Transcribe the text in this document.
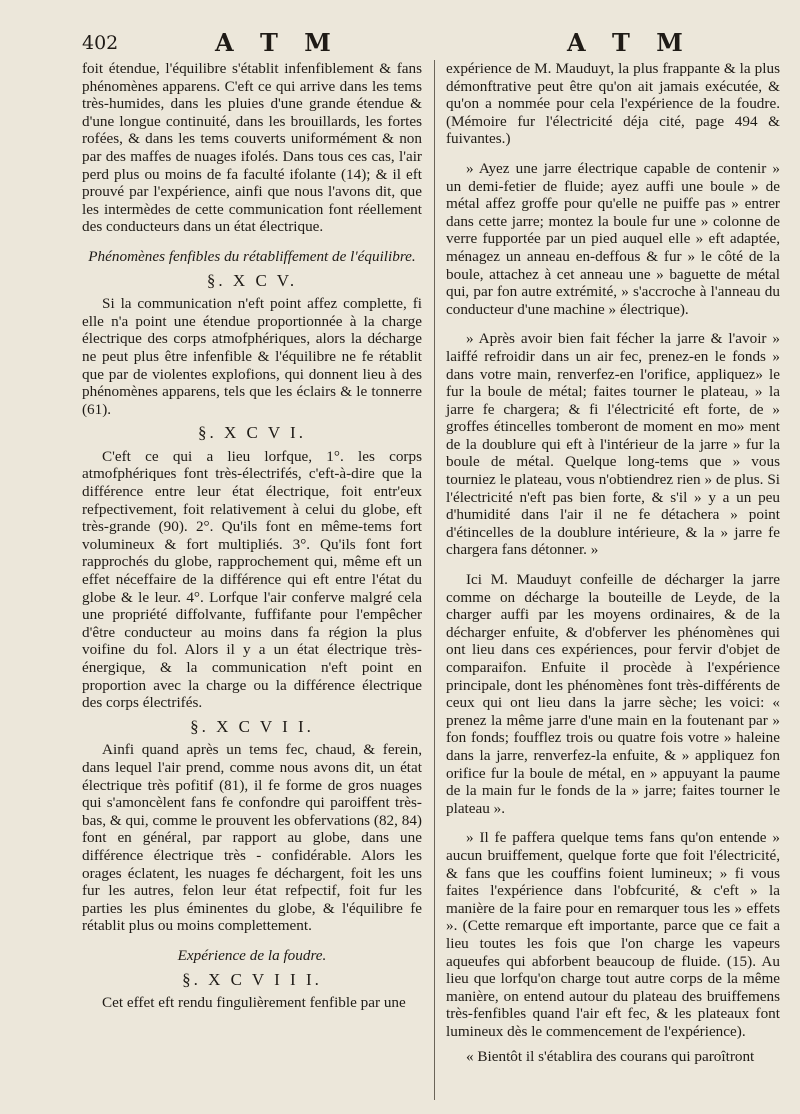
402	A T M	A T M

foit étendue, l'équilibre s'établit infenfiblement & fans phénomènes apparens. C'eft ce qui arrive dans les tems très-humides, dans les pluies d'une grande étendue & d'une longue continuité, dans les brouillards, les fortes rofées, & dans les tems couverts uniformément & non par des maffes de nuages ifolés. Dans tous ces cas, l'air perd plus ou moins de fa faculté ifolante (14); & il eft prouvé par l'expérience, ainfi que nous l'avons dit, que les intermèdes de cette communication font réellement des conducteurs dans un état électrique.

Phénomènes fenfibles du rétabliffement de l'équilibre.

§. X C V.

Si la communication n'eft point affez complette, fi elle n'a point une étendue proportionnée à la charge électrique des corps atmofphériques, alors la décharge ne peut plus être infenfible & l'équilibre ne fe rétablit que par de violentes explofions, qui donnent lieu à des phénomènes apparens, tels que les éclairs & le tonnerre (61).

§. X C V I.

C'eft ce qui a lieu lorfque, 1°. les corps atmofphériques font très-électrifés, c'eft-à-dire que la différence entre leur état électrique, foit entr'eux refpectivement, foit relativement à celui du globe, eft très-grande (90). 2°. Qu'ils font en même-tems fort volumineux & fort multipliés. 3°. Qu'ils font fort rapprochés du globe, rapprochement qui, même eft un effet néceffaire de la différence qui eft entre l'état du globe & le leur. 4°. Lorfque l'air conferve malgré cela une propriété diffolvante, fuffifante pour l'empêcher d'être conducteur au moins dans fa région la plus voifine du fol. Alors il y a un état électrique très-énergique, & la communication n'eft point en proportion avec la charge ou la différence électrique des corps électrifés.

§. X C V I I.

Ainfi quand après un tems fec, chaud, & ferein, dans lequel l'air prend, comme nous avons dit, un état électrique très pofitif (81), il fe forme de gros nuages qui s'amoncèlent fans fe confondre qui paroiffent très-bas, & qui, comme le prouvent les obfervations (82, 84) font en général, par rapport au globe, dans une différence électrique très - confidérable. Alors les orages éclatent, les nuages fe déchargent, foit les uns fur les autres, felon leur état refpectif, foit fur les parties les plus éminentes du globe, & l'équilibre fe rétablit plus ou moins complettement.

Expérience de la foudre.

§. X C V I I I.

Cet effet eft rendu fingulièrement fenfible par une

expérience de M. Mauduyt, la plus frappante & la plus démonftrative peut être qu'on ait jamais exécutée, & qu'on a nommée pour cela l'expérience de la foudre. (Mémoire fur l'électricité déja cité, page 494 & fuivantes.)

» Ayez une jarre électrique capable de contenir » un demi-fetier de fluide; ayez auffi une boule » de métal affez groffe pour qu'elle ne puiffe pas » entrer dans cette jarre; montez la boule fur une » colonne de verre fupportée par un pied auquel elle » eft adaptée, ménagez un anneau en-deffous & fur » le côté de la boule, attachez à cet anneau une » baguette de métal qui, par fon autre extrémité, » s'accroche à l'anneau du conducteur d'une machine » électrique).

» Après avoir bien fait fécher la jarre & l'avoir » laiffé refroidir dans un air fec, prenez-en le fonds » dans votre main, renverfez-en l'orifice, appliquez» le fur la boule de métal; faites tourner le plateau, » la jarre fe chargera; & fi l'électricité eft forte, de » groffes étincelles tomberont de moment en mo» ment de la doublure qui eft à l'intérieur de la jarre » fur la boule de métal. Quelque long-tems que » vous tourniez le plateau, vous n'obtiendrez rien » de plus. Si l'électricité n'eft pas bien forte, & s'il » y a un peu d'humidité dans l'air il ne fe détachera » point d'étincelles de la doublure intérieure, & la » jarre fe chargera fans détonner. »

Ici M. Mauduyt confeille de décharger la jarre comme on décharge la bouteille de Leyde, de la charger auffi par les moyens ordinaires, & de la décharger enfuite, & d'obferver les phénomènes qui ont lieu dans ces expériences, pour fervir d'objet de comparaifon. Enfuite il procède à l'expérience principale, dont les phénomènes font très-différents de ceux qui ont lieu dans la jarre sèche; les voici: « prenez la même jarre d'une main en la foutenant par » fon fonds; foufflez trois ou quatre fois votre » haleine dans la jarre, renverfez-la enfuite, & » appliquez fon orifice fur la boule de métal, en » appuyant la paume de la main fur le fonds de la » jarre; faites tourner le plateau ».

» Il fe paffera quelque tems fans qu'on entende » aucun bruiffement, quelque forte que foit l'électricité, & fans que les couffins foient lumineux; » fi vous faites l'expérience dans l'obfcurité, & c'eft » la manière de la faire pour en remarquer tous les » effets ». (Cette remarque eft importante, parce que ce fait a lieu toutes les fois que l'on charge les vapeurs aqueufes qui abforbent beaucoup de fluide. (15). Au lieu que lorfqu'on charge tout autre corps de la même manière, on entend autour du plateau des bruiffemens très-fenfibles quand l'air eft fec, & les plateaux font lumineux dès le commencement de l'expérience).

« Bientôt il s'établira des courans qui paroîtront
